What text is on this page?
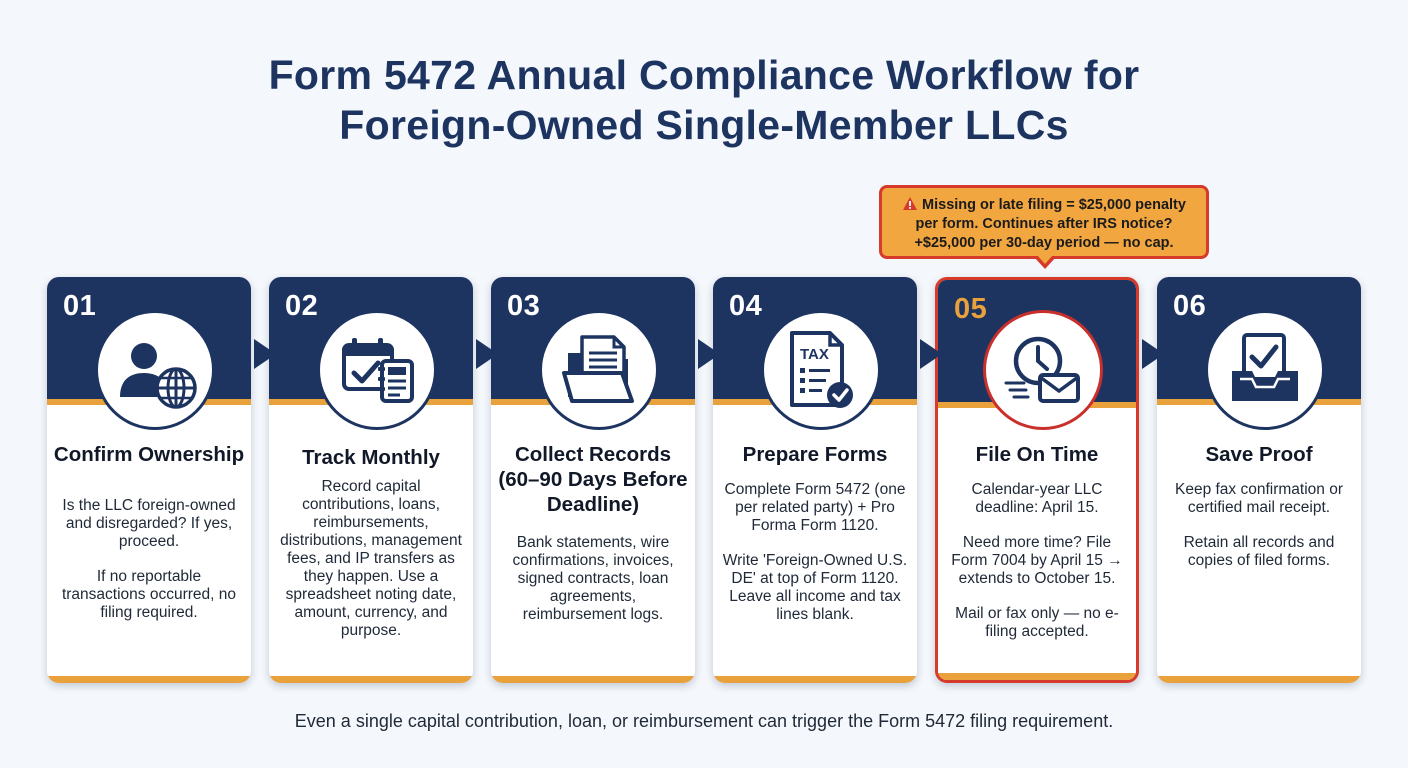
Form 5472 Annual Compliance Workflow for
Foreign-Owned Single-Member LLCs
Missing or late filing = $25,000 penalty
per form. Continues after IRS notice?
+$25,000 per 30-day period — no cap.
01
Confirm Ownership

Is the LLC foreign-owned and disregarded? If yes, proceed.

If no reportable transactions occurred, no filing required.

02
Track Monthly

Record capital contributions, loans, reimbursements, distributions, management fees, and IP transfers as they happen. Use a spreadsheet noting date, amount, currency, and purpose.

03
Collect Records (60–90 Days Before Deadline)

Bank statements, wire confirmations, invoices, signed contracts, loan agreements, reimbursement logs.

04
TAX
Prepare Forms

Complete Form 5472 (one per related party) + Pro Forma Form 1120.

Write 'Foreign-Owned U.S. DE' at top of Form 1120. Leave all income and tax lines blank.

05
File On Time

Calendar-year LLC deadline: April 15.

Need more time? File Form 7004 by April 15 → extends to October 15.

Mail or fax only — no e-filing accepted.

06
Save Proof

Keep fax confirmation or certified mail receipt.

Retain all records and copies of filed forms.

Even a single capital contribution, loan, or reimbursement can trigger the Form 5472 filing requirement.
